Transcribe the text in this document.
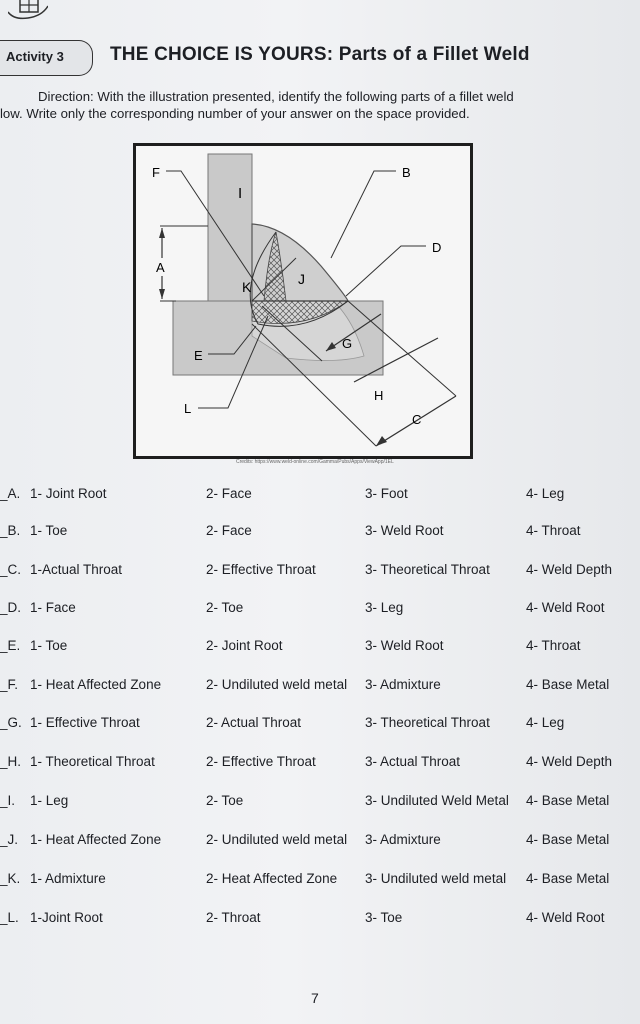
Activity 3 THE CHOICE IS YOURS: Parts of a Fillet Weld
Direction: With the illustration presented, identify the following parts of a fillet weld
low. Write only the corresponding number of your answer on the space provided.
F	B
I
D
A
K	J
E
G
H
L
C
Credits: https://www.weld-online.com/Gamma/Pubs/Apps/ViewApp/1EL
_A. 1- Joint Root	2- Face	3- Foot	4- Leg
_B. 1- Toe	2- Face	3- Weld Root	4- Throat
_C. 1-Actual Throat	2- Effective Throat	3- Theoretical Throat	4- Weld Depth
_D. 1- Face	2- Toe	3- Leg	4- Weld Root
_E. 1- Toe	2- Joint Root	3- Weld Root	4- Throat
_F. 1- Heat Affected Zone	2- Undiluted weld metal 3- Admixture	4- Base Metal
_G. 1- Effective Throat	2- Actual Throat	3- Theoretical Throat	4- Leg
_H. 1- Theoretical Throat	2- Effective Throat	3- Actual Throat	4- Weld Depth
_I. 1- Leg	2- Toe	3- Undiluted Weld Metal 4- Base Metal
_J. 1- Heat Affected Zone	2- Undiluted weld metal 3- Admixture	4- Base Metal
_K. 1- Admixture	2- Heat Affected Zone 3- Undiluted weld metal 4- Base Metal
_L. 1-Joint Root	2- Throat	3- Toe	4- Weld Root
7
